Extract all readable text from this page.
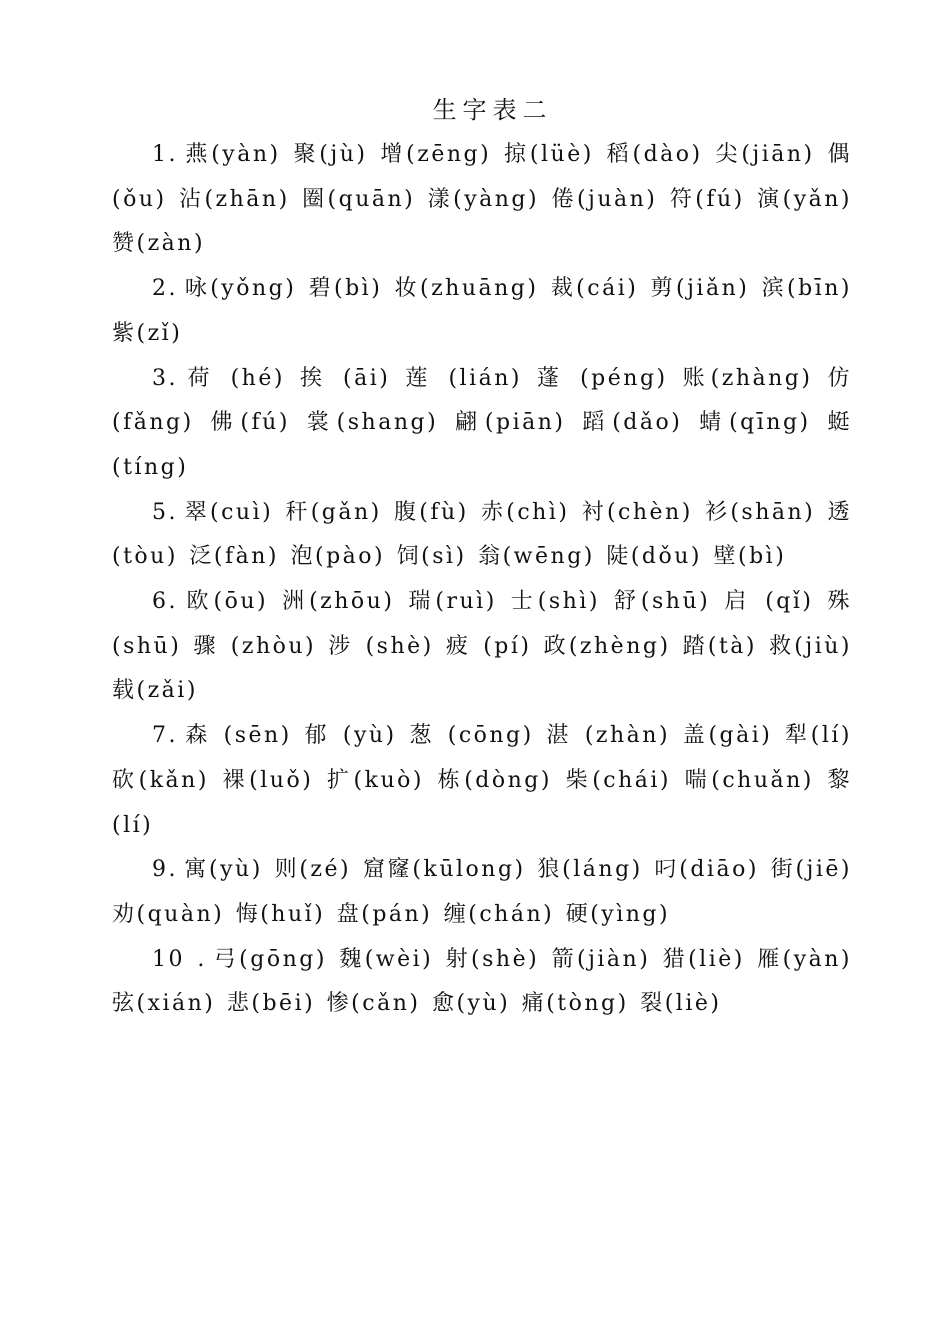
生字表二

1. 燕(yàn) 聚(jù) 增(zēng) 掠(lüè) 稻(dào) 尖(jiān) 偶(ǒu) 沾(zhān) 圈(quān) 漾(yàng) 倦(juàn) 符(fú) 演(yǎn) 赞(zàn)

2. 咏(yǒng) 碧(bì) 妆(zhuāng) 裁(cái) 剪(jiǎn) 滨(bīn) 紫(zǐ)

3. 荷 (hé) 挨 (āi) 莲 (lián) 蓬 (péng) 账(zhàng) 仿(fǎng) 佛(fú) 裳(shang) 翩(piān) 蹈(dǎo) 蜻(qīng) 蜓(tíng)

5. 翠(cuì) 秆(gǎn) 腹(fù) 赤(chì) 衬(chèn) 衫(shān) 透(tòu) 泛(fàn) 泡(pào) 饲(sì) 翁(wēng) 陡(dǒu) 壁(bì)

6. 欧(ōu) 洲(zhōu) 瑞(ruì) 士(shì) 舒(shū) 启 (qǐ) 殊(shū) 骤 (zhòu) 涉 (shè) 疲 (pí) 政(zhèng) 踏(tà) 救(jiù) 载(zǎi)

7. 森 (sēn) 郁 (yù) 葱 (cōng) 湛 (zhàn) 盖(gài) 犁(lí) 砍(kǎn) 裸(luǒ) 扩(kuò) 栋(dòng) 柴(chái) 喘(chuǎn) 黎(lí)

9. 寓(yù) 则(zé) 窟窿(kūlong) 狼(láng) 叼(diāo) 街(jiē) 劝(quàn) 悔(huǐ) 盘(pán) 缠(chán) 硬(yìng)

10 . 弓(gōng) 魏(wèi) 射(shè) 箭(jiàn) 猎(liè) 雁(yàn) 弦(xián) 悲(bēi) 惨(cǎn) 愈(yù) 痛(tòng) 裂(liè)
